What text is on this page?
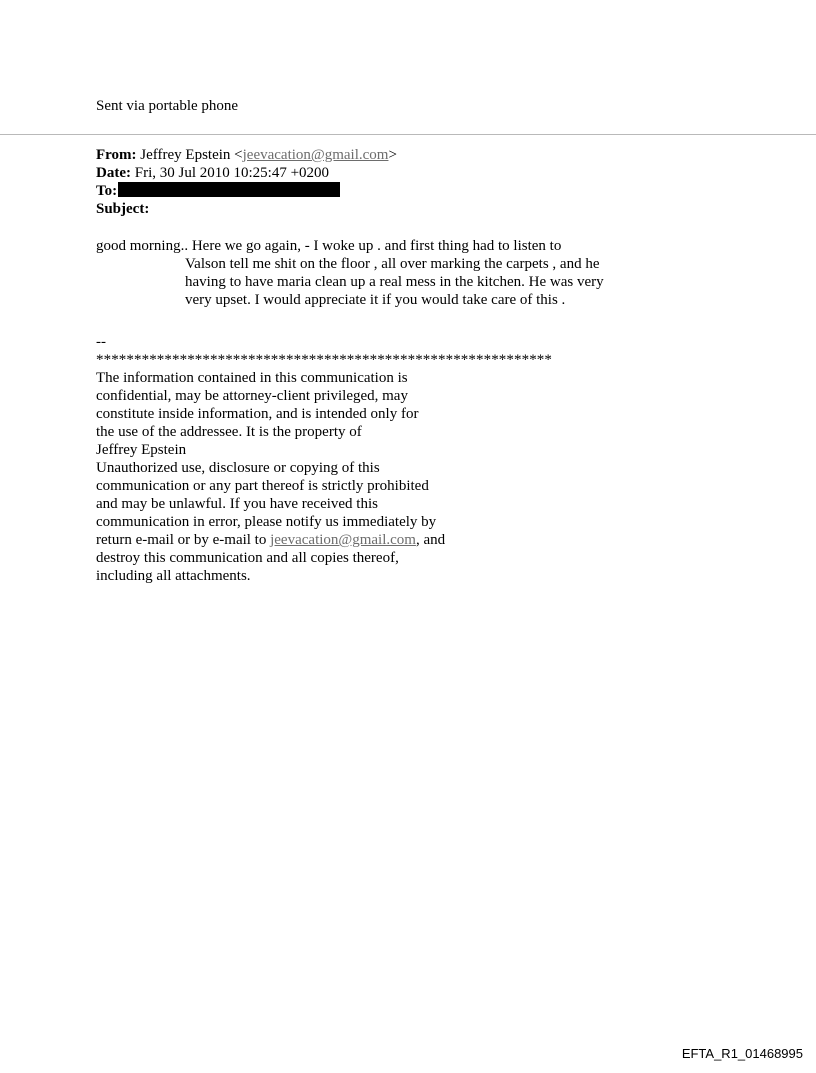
Sent via portable phone
From: Jeffrey Epstein <jeevacation@gmail.com>
Date: Fri, 30 Jul 2010 10:25:47 +0200
To:
Subject:
good morning.. Here we go again, - I woke up . and first thing had to listen to
Valson tell me shit on the floor , all over marking the carpets , and he
having to have maria clean up a real mess in the kitchen. He was very
very upset. I would appreciate it if you would take care of this .
--
************************************************************
The information contained in this communication is
confidential, may be attorney-client privileged, may
constitute inside information, and is intended only for
the use of the addressee. It is the property of
Jeffrey Epstein
Unauthorized use, disclosure or copying of this
communication or any part thereof is strictly prohibited
and may be unlawful. If you have received this
communication in error, please notify us immediately by
return e-mail or by e-mail to jeevacation@gmail.com, and
destroy this communication and all copies thereof,
including all attachments.
EFTA_R1_01468995
